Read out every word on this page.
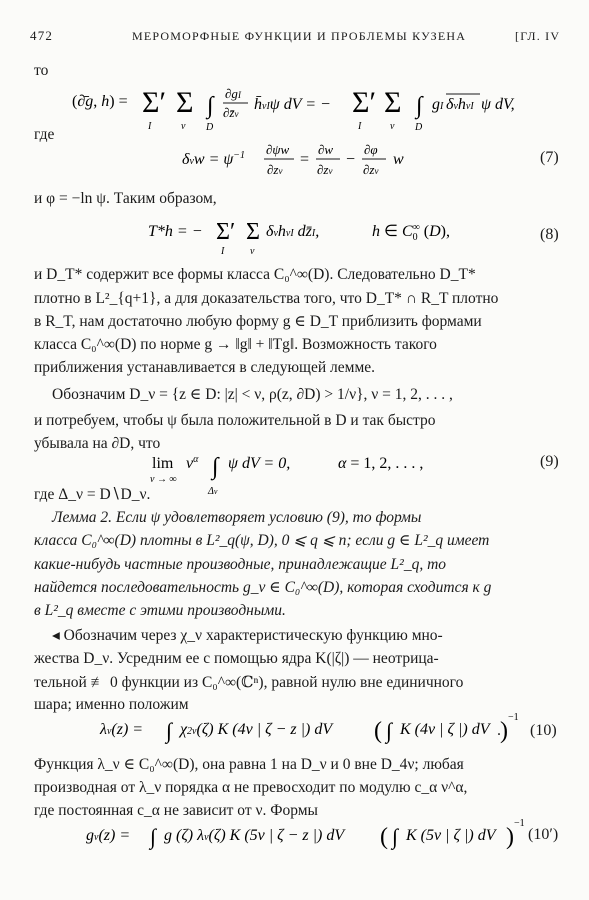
472	МЕРОМОРФНЫЕ ФУНКЦИИ И ПРОБЛЕМЫ КУЗЕНА	[ГЛ. IV
то
(∂̄g, h) = Σ′
I
Σ
ν
∫
D
∂gI
∂z̄ν
h̄νIψ dV = − Σ′
I
Σ
ν
∫
D
gI δνhνI ψ dV,
где
$\delta\nu w = \psi^{-1}$ ∂ψw
∂zν
=
∂w
∂zν
−
∂φ
∂zν
w	(7)
и φ = −ln ψ. Таким образом,
T*h = − Σ′
I
Σ
ν
δνhνI dz̄I,	h ∈ $C_0\infty$ (D),	(8)
и D_T* содержит все формы класса C₀^∞(D). Следовательно D_T*
плотно в L²_{q+1}, а для доказательства того, что D_T* ∩ R_T плотно
в R_T, нам достаточно любую форму g ∈ D_T приблизить формами
класса C₀^∞(D) по норме g → ‖g‖ + ‖Tg‖. Возможность такого
приближения устанавливается в следующей лемме.
Обозначим D_ν = {z ∈ D: |z| < ν, ρ(z, ∂D) > 1/ν}, ν = 1, 2, . . . ,
и потребуем, чтобы ψ была положительной в D и так быстро
убывала на ∂D, что
lim
ν → ∞
$\nu^\alpha$ ∫
Δν
ψ dV = 0,	α = 1, 2, . . . ,	(9)
где Δ_ν = D∖D_ν.
Лемма 2. Если ψ удовлетворяет условию (9), то формы
класса C₀^∞(D) плотны в L²_q(ψ, D), 0 ⩽ q ⩽ n; если g ∈ L²_q имеет
какие-нибудь частные производные, принадлежащие L²_q, то
найдется последовательность g_ν ∈ C₀^∞(D), которая сходится к g
в L²_q вместе с этими производными.
◂ Обозначим через χ_ν характеристическую функцию мно-
жества D_ν. Усредним ее с помощью ядра K(|ζ|) — неотрица-
тельной ≢ 0 функции из C₀^∞(ℂⁿ), равной нулю вне единичного
шара; именно положим
λν(z) = ∫ χ2ν(ζ) K (4ν | ζ − z |) dV ( ∫ K (4ν | ζ |) dV )
−1
. (10)
Функция λ_ν ∈ C₀^∞(D), она равна 1 на D_ν и 0 вне D_4ν; любая
производная от λ_ν порядка α не превосходит по модулю c_α ν^α,
где постоянная c_α не зависит от ν. Формы
gν(z) = ∫ g (ζ) λν(ζ) K (5ν | ζ − z |) dV ( ∫ K (5ν | ζ |) dV )
−1
(10′)
